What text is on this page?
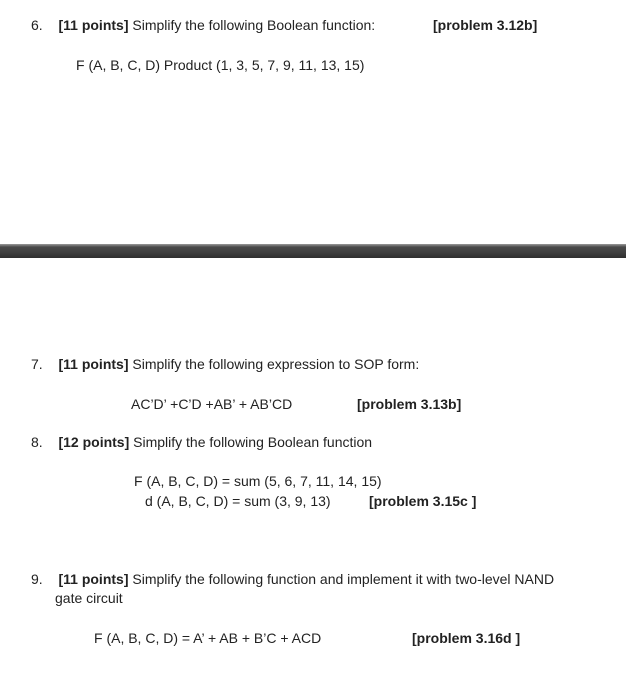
6. [11 points] Simplify the following Boolean function:	[problem 3.12b]
F (A, B, C, D) Product (1, 3, 5, 7, 9, 11, 13, 15)
7. [11 points] Simplify the following expression to SOP form:
AC’D’ +C’D +AB’ + AB’CD	[problem 3.13b]
8. [12 points] Simplify the following Boolean function
F (A, B, C, D) = sum (5, 6, 7, 11, 14, 15)
d (A, B, C, D) = sum (3, 9, 13)	[problem 3.15c ]
9. [11 points] Simplify the following function and implement it with two-level NAND
gate circuit
F (A, B, C, D) = A’ + AB + B’C + ACD	[problem 3.16d ]
